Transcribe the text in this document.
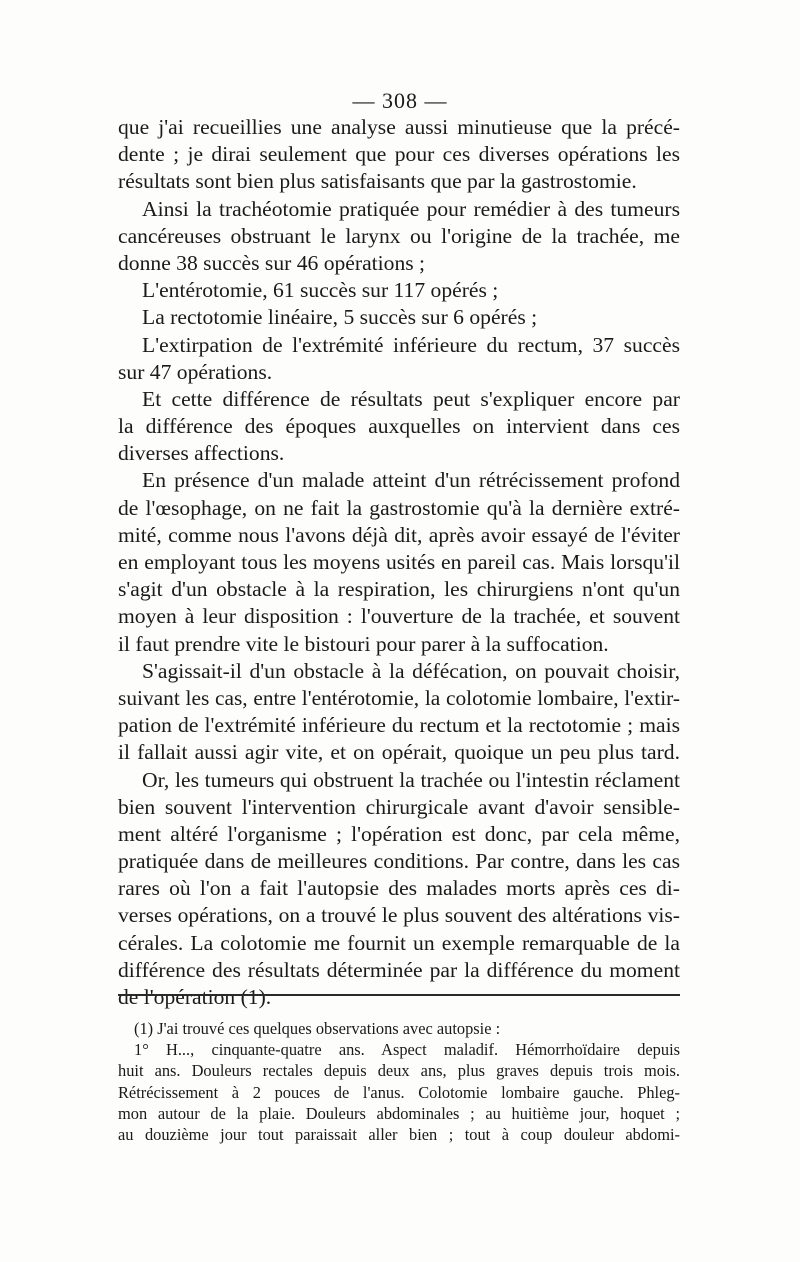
— 308 —
que j'ai recueillies une analyse aussi minutieuse que la précé-
dente ; je dirai seulement que pour ces diverses opérations les
résultats sont bien plus satisfaisants que par la gastrostomie.
Ainsi la trachéotomie pratiquée pour remédier à des tumeurs
cancéreuses obstruant le larynx ou l'origine de la trachée, me
donne 38 succès sur 46 opérations ;
L'entérotomie, 61 succès sur 117 opérés ;
La rectotomie linéaire, 5 succès sur 6 opérés ;
L'extirpation de l'extrémité inférieure du rectum, 37 succès
sur 47 opérations.
Et cette différence de résultats peut s'expliquer encore par
la différence des époques auxquelles on intervient dans ces
diverses affections.
En présence d'un malade atteint d'un rétrécissement profond
de l'œsophage, on ne fait la gastrostomie qu'à la dernière extré-
mité, comme nous l'avons déjà dit, après avoir essayé de l'éviter
en employant tous les moyens usités en pareil cas. Mais lorsqu'il
s'agit d'un obstacle à la respiration, les chirurgiens n'ont qu'un
moyen à leur disposition : l'ouverture de la trachée, et souvent
il faut prendre vite le bistouri pour parer à la suffocation.
S'agissait-il d'un obstacle à la défécation, on pouvait choisir,
suivant les cas, entre l'entérotomie, la colotomie lombaire, l'extir-
pation de l'extrémité inférieure du rectum et la rectotomie ; mais
il fallait aussi agir vite, et on opérait, quoique un peu plus tard.
Or, les tumeurs qui obstruent la trachée ou l'intestin réclament
bien souvent l'intervention chirurgicale avant d'avoir sensible-
ment altéré l'organisme ; l'opération est donc, par cela même,
pratiquée dans de meilleures conditions. Par contre, dans les cas
rares où l'on a fait l'autopsie des malades morts après ces di-
verses opérations, on a trouvé le plus souvent des altérations vis-
cérales. La colotomie me fournit un exemple remarquable de la
différence des résultats déterminée par la différence du moment
de l'opération (1).
(1) J'ai trouvé ces quelques observations avec autopsie :
1° H..., cinquante-quatre ans. Aspect maladif. Hémorrhoïdaire depuis
huit ans. Douleurs rectales depuis deux ans, plus graves depuis trois mois.
Rétrécissement à 2 pouces de l'anus. Colotomie lombaire gauche. Phleg-
mon autour de la plaie. Douleurs abdominales ; au huitième jour, hoquet ;
au douzième jour tout paraissait aller bien ; tout à coup douleur abdomi-
